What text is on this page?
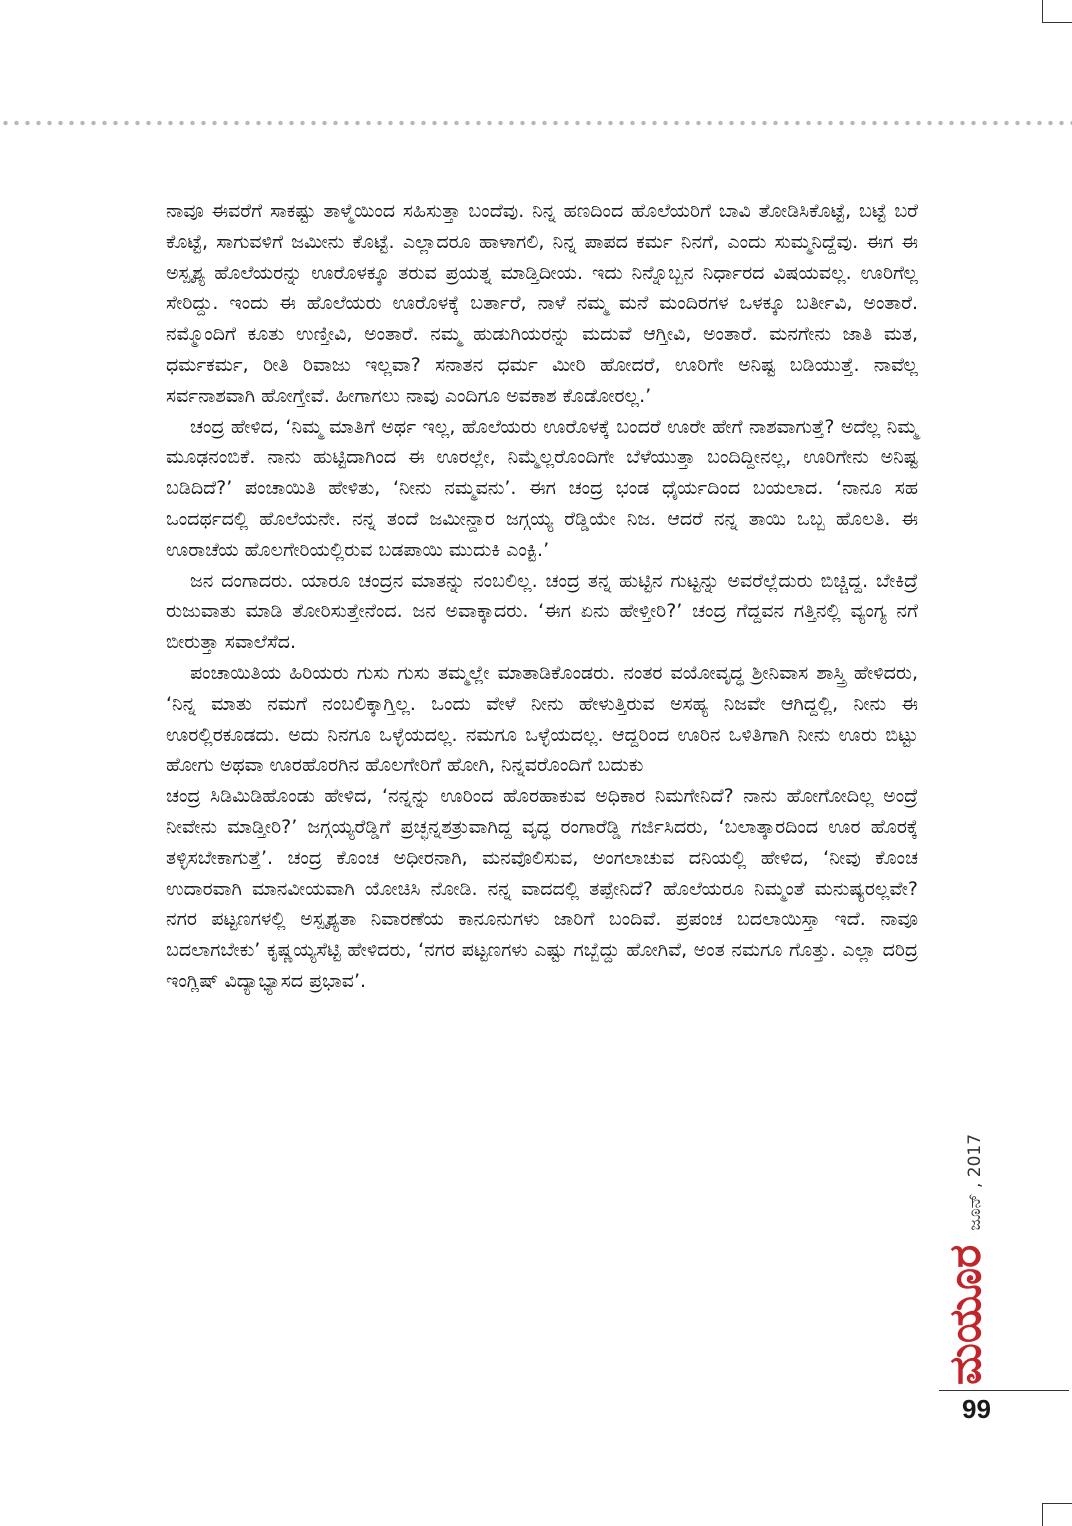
ನಾವೂ ಈವರೆಗೆ ಸಾಕಷ್ಟು ತಾಳ್ಮೆಯಿಂದ ಸಹಿಸುತ್ತಾ ಬಂದೆವು. ನಿನ್ನ ಹಣದಿಂದ ಹೊಲೆಯರಿಗೆ ಬಾವಿ ತೋಡಿಸಿಕೊಟ್ಟೆ, ಬಟ್ಟೆ ಬರೆ ಕೊಟ್ಟೆ, ಸಾಗುವಳಿಗೆ ಜಮೀನು ಕೊಟ್ಟೆ. ಎಲ್ಲಾದರೂ ಹಾಳಾಗಲಿ, ನಿನ್ನ ಪಾಪದ ಕರ್ಮ ನಿನಗೆ, ಎಂದು ಸುಮ್ಮನಿದ್ದೆವು. ಈಗ ಈ ಅಸ್ಪೃಶ್ಯ ಹೊಲೆಯರನ್ನು ಊರೊಳಕ್ಕೂ ತರುವ ಪ್ರಯತ್ನ ಮಾಡ್ತಿದೀಯ. ಇದು ನಿನ್ನೊಬ್ಬನ ನಿರ್ಧಾರದ ವಿಷಯವಲ್ಲ. ಊರಿಗೆಲ್ಲ ಸೇರಿದ್ದು. ಇಂದು ಈ ಹೊಲೆಯರು ಊರೊಳಕ್ಕೆ ಬರ್ತಾರೆ, ನಾಳೆ ನಮ್ಮ ಮನೆ ಮಂದಿರಗಳ ಒಳಕ್ಕೂ ಬರ್ತೀವಿ, ಅಂತಾರೆ. ನಮ್ಮೊಂದಿಗೆ ಕೂತು ಉಣ್ತೀವಿ, ಅಂತಾರೆ. ನಮ್ಮ ಹುಡುಗಿಯರನ್ನು ಮದುವೆ ಆಗ್ತೀವಿ, ಅಂತಾರೆ. ಮನಗೇನು ಜಾತಿ ಮತ, ಧರ್ಮಕರ್ಮ, ರೀತಿ ರಿವಾಜು ಇಲ್ಲವಾ? ಸನಾತನ ಧರ್ಮ ಮೀರಿ ಹೋದರೆ, ಊರಿಗೇ ಅನಿಷ್ಟ ಬಡಿಯುತ್ತೆ. ನಾವೆಲ್ಲ ಸರ್ವನಾಶವಾಗಿ ಹೋಗ್ತೇವೆ. ಹೀಗಾಗಲು ನಾವು ಎಂದಿಗೂ ಅವಕಾಶ ಕೊಡೋರಲ್ಲ.’

ಚಂದ್ರ ಹೇಳಿದ, ‘ನಿಮ್ಮ ಮಾತಿಗೆ ಅರ್ಥ ಇಲ್ಲ, ಹೊಲೆಯರು ಊರೊಳಕ್ಕೆ ಬಂದರೆ ಊರೇ ಹೇಗೆ ನಾಶವಾಗುತ್ತೆ? ಅದೆಲ್ಲ ನಿಮ್ಮ ಮೂಢನಂಬಿಕೆ. ನಾನು ಹುಟ್ಟಿದಾಗಿಂದ ಈ ಊರಲ್ಲೇ, ನಿಮ್ಮೆಲ್ಲರೊಂದಿಗೇ ಬೆಳೆಯುತ್ತಾ ಬಂದಿದ್ದೀನಲ್ಲ, ಊರಿಗೇನು ಅನಿಷ್ಟ ಬಡಿದಿದೆ?’ ಪಂಚಾಯಿತಿ ಹೇಳಿತು, ‘ನೀನು ನಮ್ಮವನು’. ಈಗ ಚಂದ್ರ ಭಂಡ ಧೈರ್ಯದಿಂದ ಬಯಲಾದ. ‘ನಾನೂ ಸಹ ಒಂದರ್ಥದಲ್ಲಿ ಹೊಲೆಯನೇ. ನನ್ನ ತಂದೆ ಜಮೀನ್ದಾರ ಜಗ್ಗಯ್ಯ ರೆಡ್ಡಿಯೇ ನಿಜ. ಆದರೆ ನನ್ನ ತಾಯಿ ಒಬ್ಬ ಹೊಲತಿ. ಈ ಊರಾಚೆಯ ಹೊಲಗೇರಿಯಲ್ಲಿರುವ ಬಡಪಾಯಿ ಮುದುಕಿ ಎಂಕ್ಟಿ.’

ಜನ ದಂಗಾದರು. ಯಾರೂ ಚಂದ್ರನ ಮಾತನ್ನು ನಂಬಲಿಲ್ಲ. ಚಂದ್ರ ತನ್ನ ಹುಟ್ಟಿನ ಗುಟ್ಟನ್ನು ಅವರೆಲ್ಲೆದುರು ಬಿಚ್ಚಿದ್ದ. ಬೇಕಿದ್ರೆ ರುಜುವಾತು ಮಾಡಿ ತೋರಿಸುತ್ತೇನೆಂದ. ಜನ ಅವಾಕ್ಕಾದರು. ‘ಈಗ ಏನು ಹೇಳ್ತೀರಿ?’ ಚಂದ್ರ ಗೆದ್ದವನ ಗತ್ತಿನಲ್ಲಿ ವ್ಯಂಗ್ಯ ನಗೆ ಬೀರುತ್ತಾ ಸವಾಲೆಸೆದ.

ಪಂಚಾಯಿತಿಯ ಹಿರಿಯರು ಗುಸು ಗುಸು ತಮ್ಮಲ್ಲೇ ಮಾತಾಡಿಕೊಂಡರು. ನಂತರ ವಯೋವೃದ್ಧ ಶ್ರೀನಿವಾಸ ಶಾಸ್ತ್ರಿ ಹೇಳಿದರು, ‘ನಿನ್ನ ಮಾತು ನಮಗೆ ನಂಬಲಿಕ್ಕಾಗ್ತಿಲ್ಲ. ಒಂದು ವೇಳೆ ನೀನು ಹೇಳುತ್ತಿರುವ ಅಸಹ್ಯ ನಿಜವೇ ಆಗಿದ್ದಲ್ಲಿ, ನೀನು ಈ ಊರಲ್ಲಿರಕೂಡದು. ಅದು ನಿನಗೂ ಒಳ್ಳೆಯದಲ್ಲ. ನಮಗೂ ಒಳ್ಳೆಯದಲ್ಲ. ಆದ್ದರಿಂದ ಊರಿನ ಒಳಿತಿಗಾಗಿ ನೀನು ಊರು ಬಿಟ್ಟು ಹೋಗು ಅಥವಾ ಊರಹೊರಗಿನ ಹೊಲಗೇರಿಗೆ ಹೋಗಿ, ನಿನ್ನವರೊಂದಿಗೆ ಬದುಕು

ಚಂದ್ರ ಸಿಡಿಮಿಡಿಹೊಂಡು ಹೇಳಿದ, ‘ನನ್ನನ್ನು ಊರಿಂದ ಹೊರಹಾಕುವ ಅಧಿಕಾರ ನಿಮಗೇನಿದೆ? ನಾನು ಹೋಗೋದಿಲ್ಲ ಅಂದ್ರೆ ನೀವೇನು ಮಾಡ್ತೀರಿ?’ ಜಗ್ಗಯ್ಯರೆಡ್ಡಿಗೆ ಪ್ರಚ್ಛನ್ನಶತ್ರುವಾಗಿದ್ದ ವೃದ್ಧ ರಂಗಾರೆಡ್ಡಿ ಗರ್ಜಿಸಿದರು, ‘ಬಲಾತ್ಕಾರದಿಂದ ಊರ ಹೊರಕ್ಕೆ ತಳ್ಳಿಸಬೇಕಾಗುತ್ತೆ’. ಚಂದ್ರ ಕೊಂಚ ಅಧೀರನಾಗಿ, ಮನವೊಲಿಸುವ, ಅಂಗಲಾಚುವ ದನಿಯಲ್ಲಿ ಹೇಳಿದ, ‘ನೀವು ಕೊಂಚ ಉದಾರವಾಗಿ ಮಾನವೀಯವಾಗಿ ಯೋಚಿಸಿ ನೋಡಿ. ನನ್ನ ವಾದದಲ್ಲಿ ತಪ್ಪೇನಿದೆ? ಹೊಲೆಯರೂ ನಿಮ್ಮಂತೆ ಮನುಷ್ಯರಲ್ಲವೇ? ನಗರ ಪಟ್ಟಣಗಳಲ್ಲಿ ಅಸ್ಪೃಶ್ಯತಾ ನಿವಾರಣೆಯ ಕಾನೂನುಗಳು ಜಾರಿಗೆ ಬಂದಿವೆ. ಪ್ರಪಂಚ ಬದಲಾಯಿಸ್ತಾ ಇದೆ. ನಾವೂ ಬದಲಾಗಬೇಕು’ ಕೃಷ್ಣಯ್ಯಸೆಟ್ಟಿ ಹೇಳಿದರು, ‘ನಗರ ಪಟ್ಟಣಗಳು ಎಷ್ಟು ಗಬ್ಬೆದ್ದು ಹೋಗಿವೆ, ಅಂತ ನಮಗೂ ಗೊತ್ತು. ಎಲ್ಲಾ ದರಿದ್ರ ಇಂಗ್ಲಿಷ್ ವಿದ್ಯಾಭ್ಯಾಸದ ಪ್ರಭಾವ’.

ಮಯೂರ
ಜೂನ್ , 2017
99
